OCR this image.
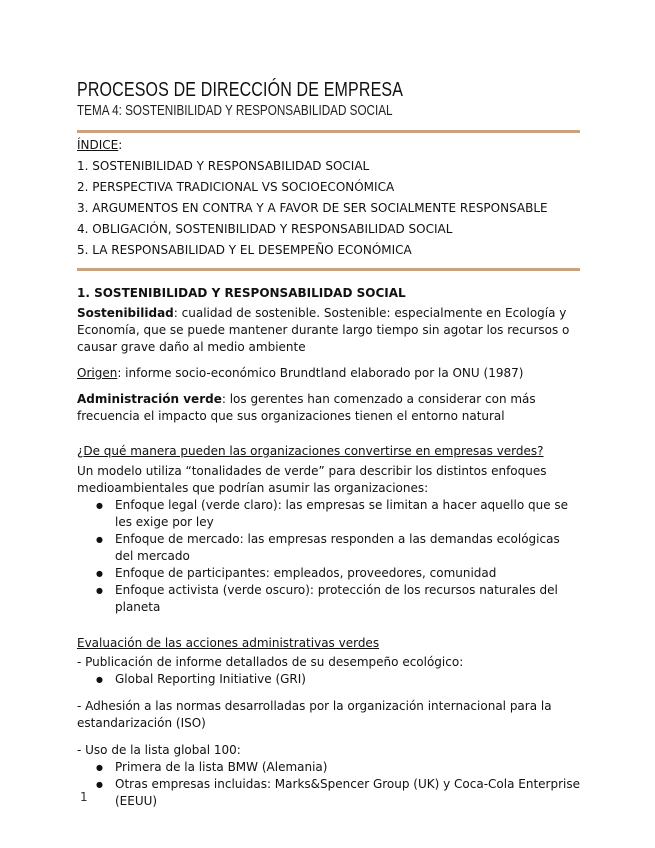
PROCESOS DE DIRECCIÓN DE EMPRESA
TEMA 4: SOSTENIBILIDAD Y RESPONSABILIDAD SOCIAL
ÍNDICE:
1. SOSTENIBILIDAD Y RESPONSABILIDAD SOCIAL
2. PERSPECTIVA TRADICIONAL VS SOCIOECONÓMICA
3. ARGUMENTOS EN CONTRA Y A FAVOR DE SER SOCIALMENTE RESPONSABLE
4. OBLIGACIÓN, SOSTENIBILIDAD Y RESPONSABILIDAD SOCIAL
5. LA RESPONSABILIDAD Y EL DESEMPEÑO ECONÓMICA
1. SOSTENIBILIDAD Y RESPONSABILIDAD SOCIAL
Sostenibilidad: cualidad de sostenible. Sostenible: especialmente en Ecología y Economía, que se puede mantener durante largo tiempo sin agotar los recursos o causar grave daño al medio ambiente
Origen: informe socio-económico Brundtland elaborado por la ONU (1987)
Administración verde: los gerentes han comenzado a considerar con más frecuencia el impacto que sus organizaciones tienen el entorno natural
¿De qué manera pueden las organizaciones convertirse en empresas verdes?
Un modelo utiliza “tonalidades de verde” para describir los distintos enfoques medioambientales que podrían asumir las organizaciones:
● Enfoque legal (verde claro): las empresas se limitan a hacer aquello que se les exige por ley
● Enfoque de mercado: las empresas responden a las demandas ecológicas del mercado
● Enfoque de participantes: empleados, proveedores, comunidad
● Enfoque activista (verde oscuro): protección de los recursos naturales del planeta
Evaluación de las acciones administrativas verdes
- Publicación de informe detallados de su desempeño ecológico:
● Global Reporting Initiative (GRI)
- Adhesión a las normas desarrolladas por la organización internacional para la estandarización (ISO)
- Uso de la lista global 100:
● Primera de la lista BMW (Alemania)
● Otras empresas incluidas: Marks&Spencer Group (UK) y Coca-Cola Enterprise (EEUU)
1
